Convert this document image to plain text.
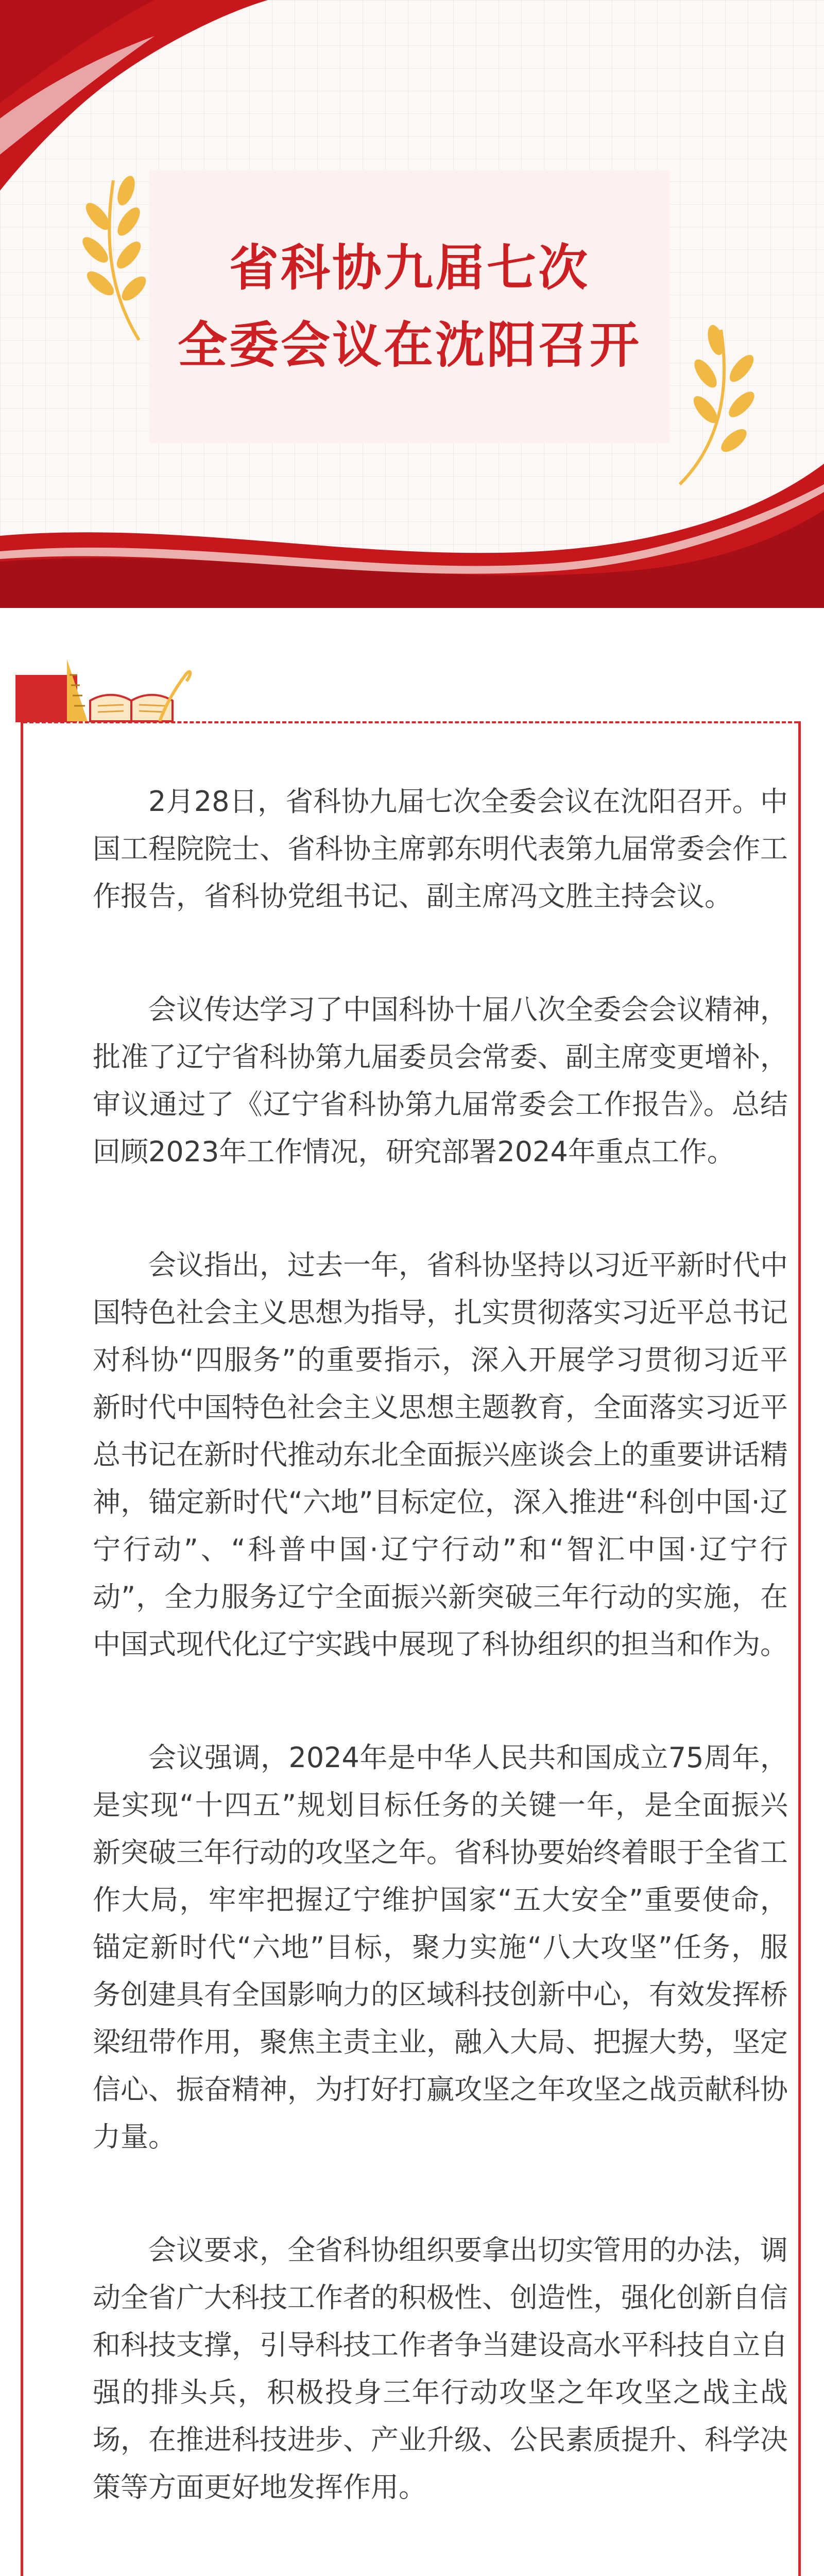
省科协九届七次
全委会议在沈阳召开

2月28日，省科协九届七次全委会议在沈阳召开。中国工程院院士、省科协主席郭东明代表第九届常委会作工作报告，省科协党组书记、副主席冯文胜主持会议。

会议传达学习了中国科协十届八次全委会会议精神，批准了辽宁省科协第九届委员会常委、副主席变更增补，审议通过了《辽宁省科协第九届常委会工作报告》。总结回顾2023年工作情况，研究部署2024年重点工作。

会议指出，过去一年，省科协坚持以习近平新时代中国特色社会主义思想为指导，扎实贯彻落实习近平总书记对科协“四服务”的重要指示，深入开展学习贯彻习近平新时代中国特色社会主义思想主题教育，全面落实习近平总书记在新时代推动东北全面振兴座谈会上的重要讲话精神，锚定新时代“六地”目标定位，深入推进“科创中国·辽宁行动”、“科普中国·辽宁行动”和“智汇中国·辽宁行动”，全力服务辽宁全面振兴新突破三年行动的实施，在中国式现代化辽宁实践中展现了科协组织的担当和作为。

会议强调，2024年是中华人民共和国成立75周年，是实现“十四五”规划目标任务的关键一年，是全面振兴新突破三年行动的攻坚之年。省科协要始终着眼于全省工作大局，牢牢把握辽宁维护国家“五大安全”重要使命，锚定新时代“六地”目标，聚力实施“八大攻坚”任务，服务创建具有全国影响力的区域科技创新中心，有效发挥桥梁纽带作用，聚焦主责主业，融入大局、把握大势，坚定信心、振奋精神，为打好打赢攻坚之年攻坚之战贡献科协力量。

会议要求，全省科协组织要拿出切实管用的办法，调动全省广大科技工作者的积极性、创造性，强化创新自信和科技支撑，引导科技工作者争当建设高水平科技自立自强的排头兵，积极投身三年行动攻坚之年攻坚之战主战场，在推进科技进步、产业升级、公民素质提升、科学决策等方面更好地发挥作用。
